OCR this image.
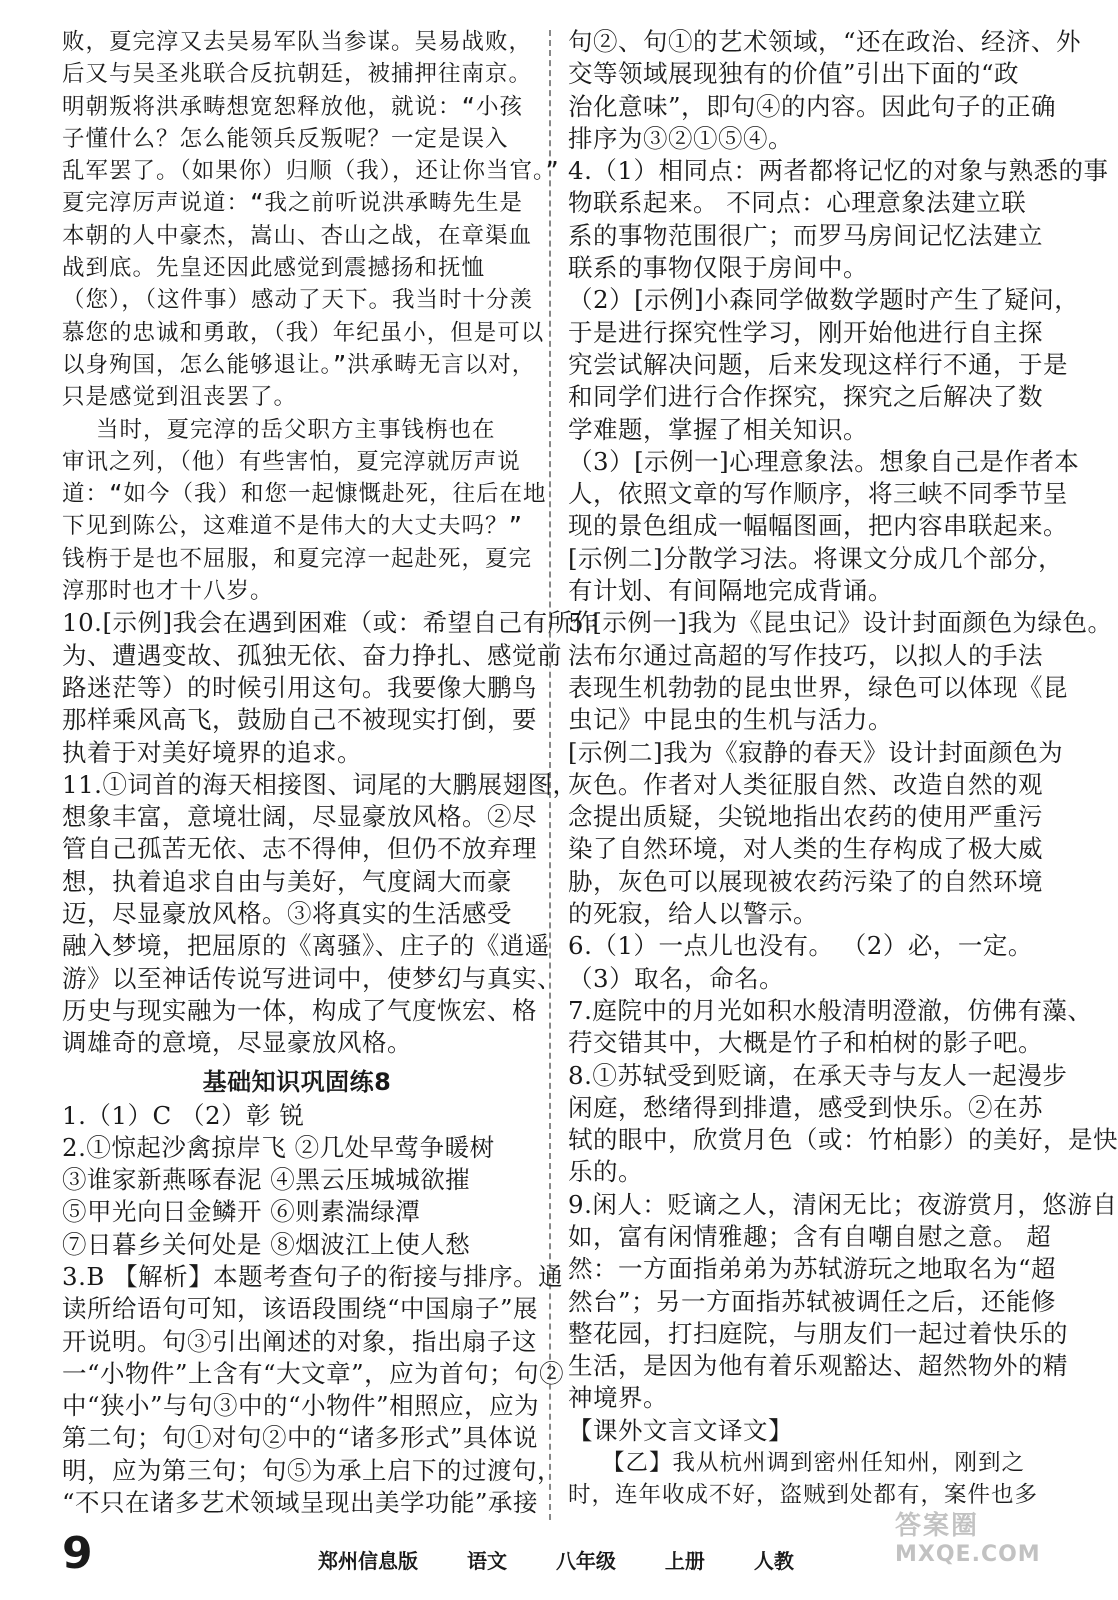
败，夏完淳又去吴易军队当参谋。吴易战败，
后又与吴圣兆联合反抗朝廷，被捕押往南京。
明朝叛将洪承畴想宽恕释放他，就说：“小孩
子懂什么？怎么能领兵反叛呢？一定是误入
乱军罢了。（如果你）归顺（我），还让你当官。”
夏完淳厉声说道：“我之前听说洪承畴先生是
本朝的人中豪杰，嵩山、杏山之战，在章渠血
战到底。先皇还因此感觉到震撼扬和抚恤
（您），（这件事）感动了天下。我当时十分羡
慕您的忠诚和勇敢，（我）年纪虽小，但是可以
以身殉国，怎么能够退让。”洪承畴无言以对，
只是感觉到沮丧罢了。
当时，夏完淳的岳父职方主事钱栴也在
审讯之列，（他）有些害怕，夏完淳就厉声说
道：“如今（我）和您一起慷慨赴死，往后在地
下见到陈公，这难道不是伟大的大丈夫吗？”
钱栴于是也不屈服，和夏完淳一起赴死，夏完
淳那时也才十八岁。
10.[示例]我会在遇到困难（或：希望自己有所作
为、遭遇变故、孤独无依、奋力挣扎、感觉前
路迷茫等）的时候引用这句。我要像大鹏鸟
那样乘风高飞，鼓励自己不被现实打倒，要
执着于对美好境界的追求。
11.①词首的海天相接图、词尾的大鹏展翅图，
想象丰富，意境壮阔，尽显豪放风格。②尽
管自己孤苦无依、志不得伸，但仍不放弃理
想，执着追求自由与美好，气度阔大而豪
迈，尽显豪放风格。③将真实的生活感受
融入梦境，把屈原的《离骚》、庄子的《逍遥
游》以至神话传说写进词中，使梦幻与真实、
历史与现实融为一体，构成了气度恢宏、格
调雄奇的意境，尽显豪放风格。
基础知识巩固练8
1.（1）C （2）彰 锐
2.①惊起沙禽掠岸飞 ②几处早莺争暖树
③谁家新燕啄春泥 ④黑云压城城欲摧
⑤甲光向日金鳞开 ⑥则素湍绿潭
⑦日暮乡关何处是 ⑧烟波江上使人愁
3.B 【解析】本题考查句子的衔接与排序。通
读所给语句可知，该语段围绕“中国扇子”展
开说明。句③引出阐述的对象，指出扇子这
一“小物件”上含有“大文章”，应为首句；句②
中“狭小”与句③中的“小物件”相照应，应为
第二句；句①对句②中的“诸多形式”具体说
明，应为第三句；句⑤为承上启下的过渡句，
“不只在诸多艺术领域呈现出美学功能”承接
句②、句①的艺术领域，“还在政治、经济、外
交等领域展现独有的价值”引出下面的“政
治化意味”，即句④的内容。因此句子的正确
排序为③②①⑤④。
4.（1）相同点：两者都将记忆的对象与熟悉的事
物联系起来。 不同点：心理意象法建立联
系的事物范围很广；而罗马房间记忆法建立
联系的事物仅限于房间中。
（2）[示例]小森同学做数学题时产生了疑问，
于是进行探究性学习，刚开始他进行自主探
究尝试解决问题，后来发现这样行不通，于是
和同学们进行合作探究，探究之后解决了数
学难题，掌握了相关知识。
（3）[示例一]心理意象法。想象自己是作者本
人，依照文章的写作顺序，将三峡不同季节呈
现的景色组成一幅幅图画，把内容串联起来。
[示例二]分散学习法。将课文分成几个部分，
有计划、有间隔地完成背诵。
5.[示例一]我为《昆虫记》设计封面颜色为绿色。
法布尔通过高超的写作技巧，以拟人的手法
表现生机勃勃的昆虫世界，绿色可以体现《昆
虫记》中昆虫的生机与活力。
[示例二]我为《寂静的春天》设计封面颜色为
灰色。作者对人类征服自然、改造自然的观
念提出质疑，尖锐地指出农药的使用严重污
染了自然环境，对人类的生存构成了极大威
胁，灰色可以展现被农药污染了的自然环境
的死寂，给人以警示。
6.（1）一点儿也没有。 （2）必，一定。
（3）取名，命名。
7.庭院中的月光如积水般清明澄澈，仿佛有藻、
荇交错其中，大概是竹子和柏树的影子吧。
8.①苏轼受到贬谪，在承天寺与友人一起漫步
闲庭，愁绪得到排遣，感受到快乐。②在苏
轼的眼中，欣赏月色（或：竹柏影）的美好，是快
乐的。
9.闲人：贬谪之人，清闲无比；夜游赏月，悠游自
如，富有闲情雅趣；含有自嘲自慰之意。 超
然：一方面指弟弟为苏轼游玩之地取名为“超
然台”；另一方面指苏轼被调任之后，还能修
整花园，打扫庭院，与朋友们一起过着快乐的
生活，是因为他有着乐观豁达、超然物外的精
神境界。
【课外文言文译文】
【乙】我从杭州调到密州任知州，刚到之
时，连年收成不好，盗贼到处都有，案件也多
9	郑州信息版 语文 八年级 上册 人教
答案圈
MXQE.COM
